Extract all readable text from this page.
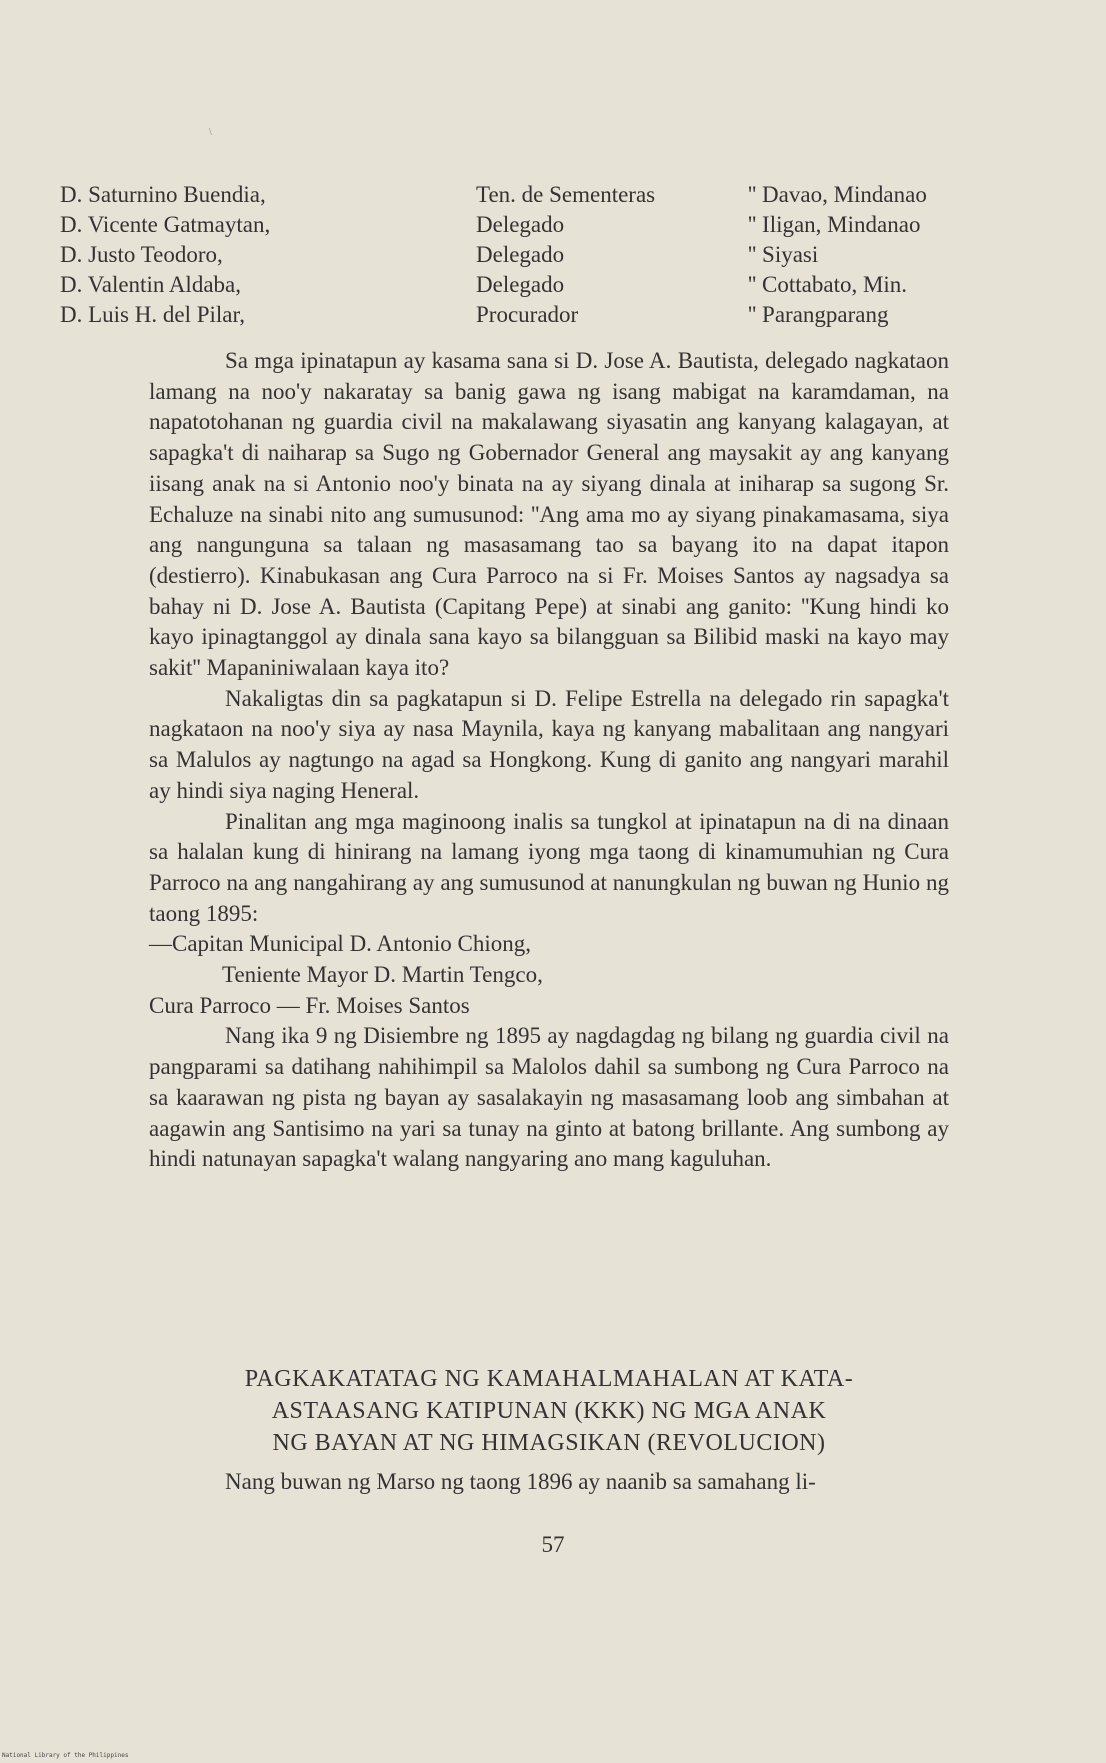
\
D. Saturnino Buendia,	Ten. de Sementeras	'' Davao, Mindanao
D. Vicente Gatmaytan,	Delegado	'' Iligan, Mindanao
D. Justo Teodoro,	Delegado	'' Siyasi
D. Valentin Aldaba,	Delegado	'' Cottabato, Min.
D. Luis H. del Pilar,	Procurador	'' Parangparang

Sa mga ipinatapun ay kasama sana si D. Jose A. Bautista, delegado nagkataon lamang na noo'y nakaratay sa banig gawa ng isang mabigat na karamdaman, na napatotohanan ng guardia civil na makalawang siyasatin ang kanyang kalagayan, at sapagka't di naiharap sa Sugo ng Gobernador General ang maysakit ay ang kanyang iisang anak na si Antonio noo'y binata na ay siyang dinala at iniharap sa sugong Sr. Echaluze na sinabi nito ang sumusunod: ''Ang ama mo ay siyang pinakamasama, siya ang nangunguna sa talaan ng masasamang tao sa bayang ito na dapat itapon (destierro). Kinabukasan ang Cura Parroco na si Fr. Moises Santos ay nagsadya sa bahay ni D. Jose A. Bautista (Capitang Pepe) at sinabi ang ganito: ''Kung hindi ko kayo ipinagtanggol ay dinala sana kayo sa bilangguan sa Bilibid maski na kayo may sakit'' Mapaniniwalaan kaya ito?

Nakaligtas din sa pagkatapun si D. Felipe Estrella na delegado rin sapagka't nagkataon na noo'y siya ay nasa Maynila, kaya ng kanyang mabalitaan ang nangyari sa Malulos ay nagtungo na agad sa Hongkong. Kung di ganito ang nangyari marahil ay hindi siya naging Heneral.

Pinalitan ang mga maginoong inalis sa tungkol at ipinatapun na di na dinaan sa halalan kung di hinirang na lamang iyong mga taong di kinamumuhian ng Cura Parroco na ang nangahirang ay ang sumusunod at nanungkulan ng buwan ng Hunio ng taong 1895:

—Capitan Municipal D. Antonio Chiong,

Teniente Mayor D. Martin Tengco,

Cura Parroco — Fr. Moises Santos

Nang ika 9 ng Disiembre ng 1895 ay nagdagdag ng bilang ng guardia civil na pangparami sa datihang nahihimpil sa Malolos dahil sa sumbong ng Cura Parroco na sa kaarawan ng pista ng bayan ay sasalakayin ng masasamang loob ang simbahan at aagawin ang Santisimo na yari sa tunay na ginto at batong brillante. Ang sumbong ay hindi natunayan sapagka't walang nangyaring ano mang kaguluhan.

PAGKAKATATAG NG KAMAHALMAHALAN AT KATA-
ASTAASANG KATIPUNAN (KKK) NG MGA ANAK
NG BAYAN AT NG HIMAGSIKAN (REVOLUCION)
Nang buwan ng Marso ng taong 1896 ay naanib sa samahang li-
57
National Library of the Philippines
